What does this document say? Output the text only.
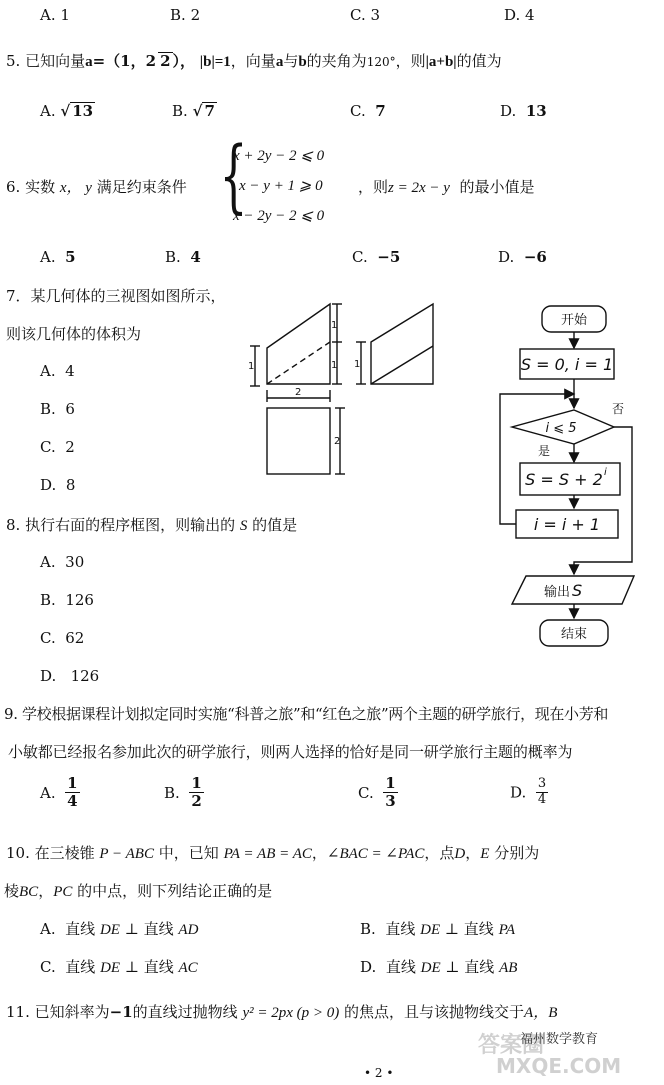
A. 1	B. 2	C. 3	D. 4
5. 已知向量a=（1，2 2 ）， |b|=1，向量a与b的夹角为120°，则|a+b|的值为
A. √ 13	B. √ 7	C. 7	D. 13
6. 实数 x， y 满足约束条件 {
x + 2y − 2 ⩽ 0
x − y + 1 ⩾ 0
x − 2y − 2 ⩽ 0
，则z = 2x − y 的最小值是
A. 5	B. 4	C. −5	D. −6
7．某几何体的三视图如图所示，
则该几何体的体积为
A. 4
B. 6
C. 2
D. 8
1
1
1 1
2
2
8. 执行右面的程序框图，则输出的 S 的值是
A. 30
B. 126
C. 62
D. 126
开始
S = 0, i = 1
i ⩽ 5
是
否
S = S + 2 i
i = i + 1
输出 S
结束
9. 学校根据课程计划拟定同时实施“科普之旅”和“红色之旅”两个主题的研学旅行，现在小芳和
小敏都已经报名参加此次的研学旅行，则两人选择的恰好是同一研学旅行主题的概率为
A. $\frac{1}{4}$	B. $\frac{1}{2}$	C. $\frac{1}{3}$	D. $\frac{3}{4}$
10. 在三棱锥 P − ABC 中，已知 PA = AB = AC，∠BAC = ∠PAC，点D，E 分别为
棱BC，PC 的中点，则下列结论正确的是
A. 直线 DE ⊥ 直线 AD	B. 直线 DE ⊥ 直线 PA
C. 直线 DE ⊥ 直线 AC	D. 直线 DE ⊥ 直线 AB
11. 已知斜率为−1的直线过抛物线 y² = 2px (p > 0) 的焦点，且与该抛物线交于A，B
答案圈
MXQE.COM
福州数学教育
• 2 •
